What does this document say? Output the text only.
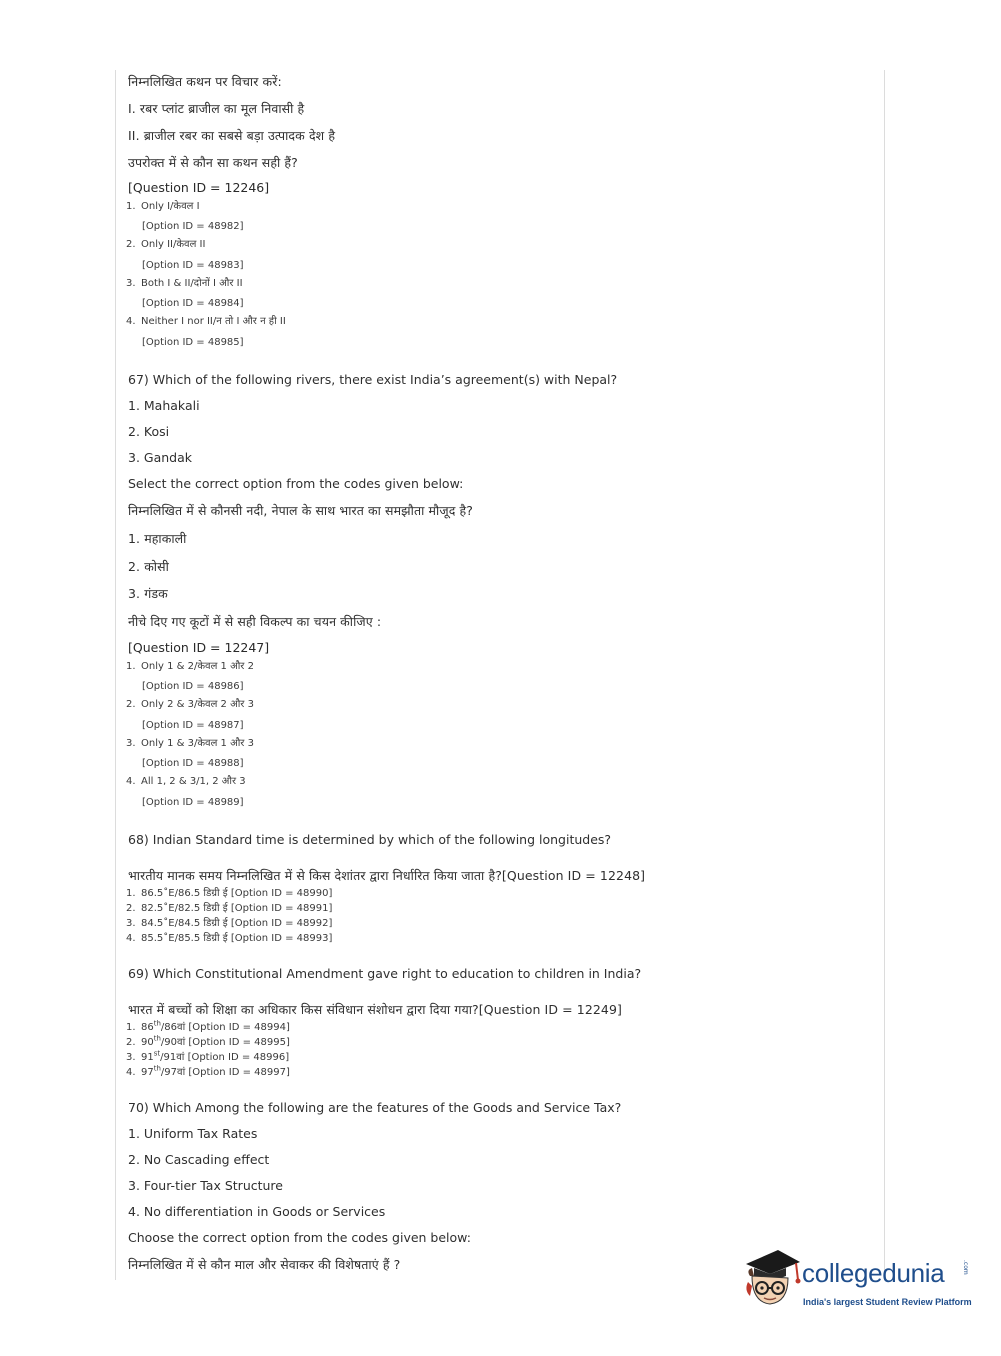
निम्नलिखित कथन पर विचार करें:
I. रबर प्लांट ब्राजील का मूल निवासी है
II. ब्राजील रबर का सबसे बड़ा उत्पादक देश है
उपरोक्त में से कौन सा कथन सही हैं?
[Question ID = 12246]
1. Only I/केवल I
[Option ID = 48982]
2. Only II/केवल II
[Option ID = 48983]
3. Both I & II/दोनों I और II
[Option ID = 48984]
4. Neither I nor II/न तो I और न ही II
[Option ID = 48985]
67) Which of the following rivers, there exist India’s agreement(s) with Nepal?
1. Mahakali
2. Kosi
3. Gandak
Select the correct option from the codes given below:
निम्नलिखित में से कौनसी नदी, नेपाल के साथ भारत का समझौता मौजूद है?
1. महाकाली
2. कोसी
3. गंडक
नीचे दिए गए कूटों में से सही विकल्प का चयन कीजिए :
[Question ID = 12247]
1. Only 1 & 2/केवल 1 और 2
[Option ID = 48986]
2. Only 2 & 3/केवल 2 और 3
[Option ID = 48987]
3. Only 1 & 3/केवल 1 और 3
[Option ID = 48988]
4. All 1, 2 & 3/1, 2 और 3
[Option ID = 48989]
68) Indian Standard time is determined by which of the following longitudes?
भारतीय मानक समय निम्नलिखित में से किस देशांतर द्वारा निर्धारित किया जाता है?[Question ID = 12248]
1. 86.5˚E/86.5 डिग्री ई [Option ID = 48990]
2. 82.5˚E/82.5 डिग्री ई [Option ID = 48991]
3. 84.5˚E/84.5 डिग्री ई [Option ID = 48992]
4. 85.5˚E/85.5 डिग्री ई [Option ID = 48993]
69) Which Constitutional Amendment gave right to education to children in India?
भारत में बच्चों को शिक्षा का अधिकार किस संविधान संशोधन द्वारा दिया गया?[Question ID = 12249]
1. 86th/86वां [Option ID = 48994]
2. 90th/90वां [Option ID = 48995]
3. 91st/91वां [Option ID = 48996]
4. 97th/97वां [Option ID = 48997]
70) Which Among the following are the features of the Goods and Service Tax?
1. Uniform Tax Rates
2. No Cascading effect
3. Four-tier Tax Structure
4. No differentiation in Goods or Services
Choose the correct option from the codes given below:
निम्नलिखित में से कौन माल और सेवाकर की विशेषताएं हैं ?	collegedunia	.com
India's largest Student Review Platform
